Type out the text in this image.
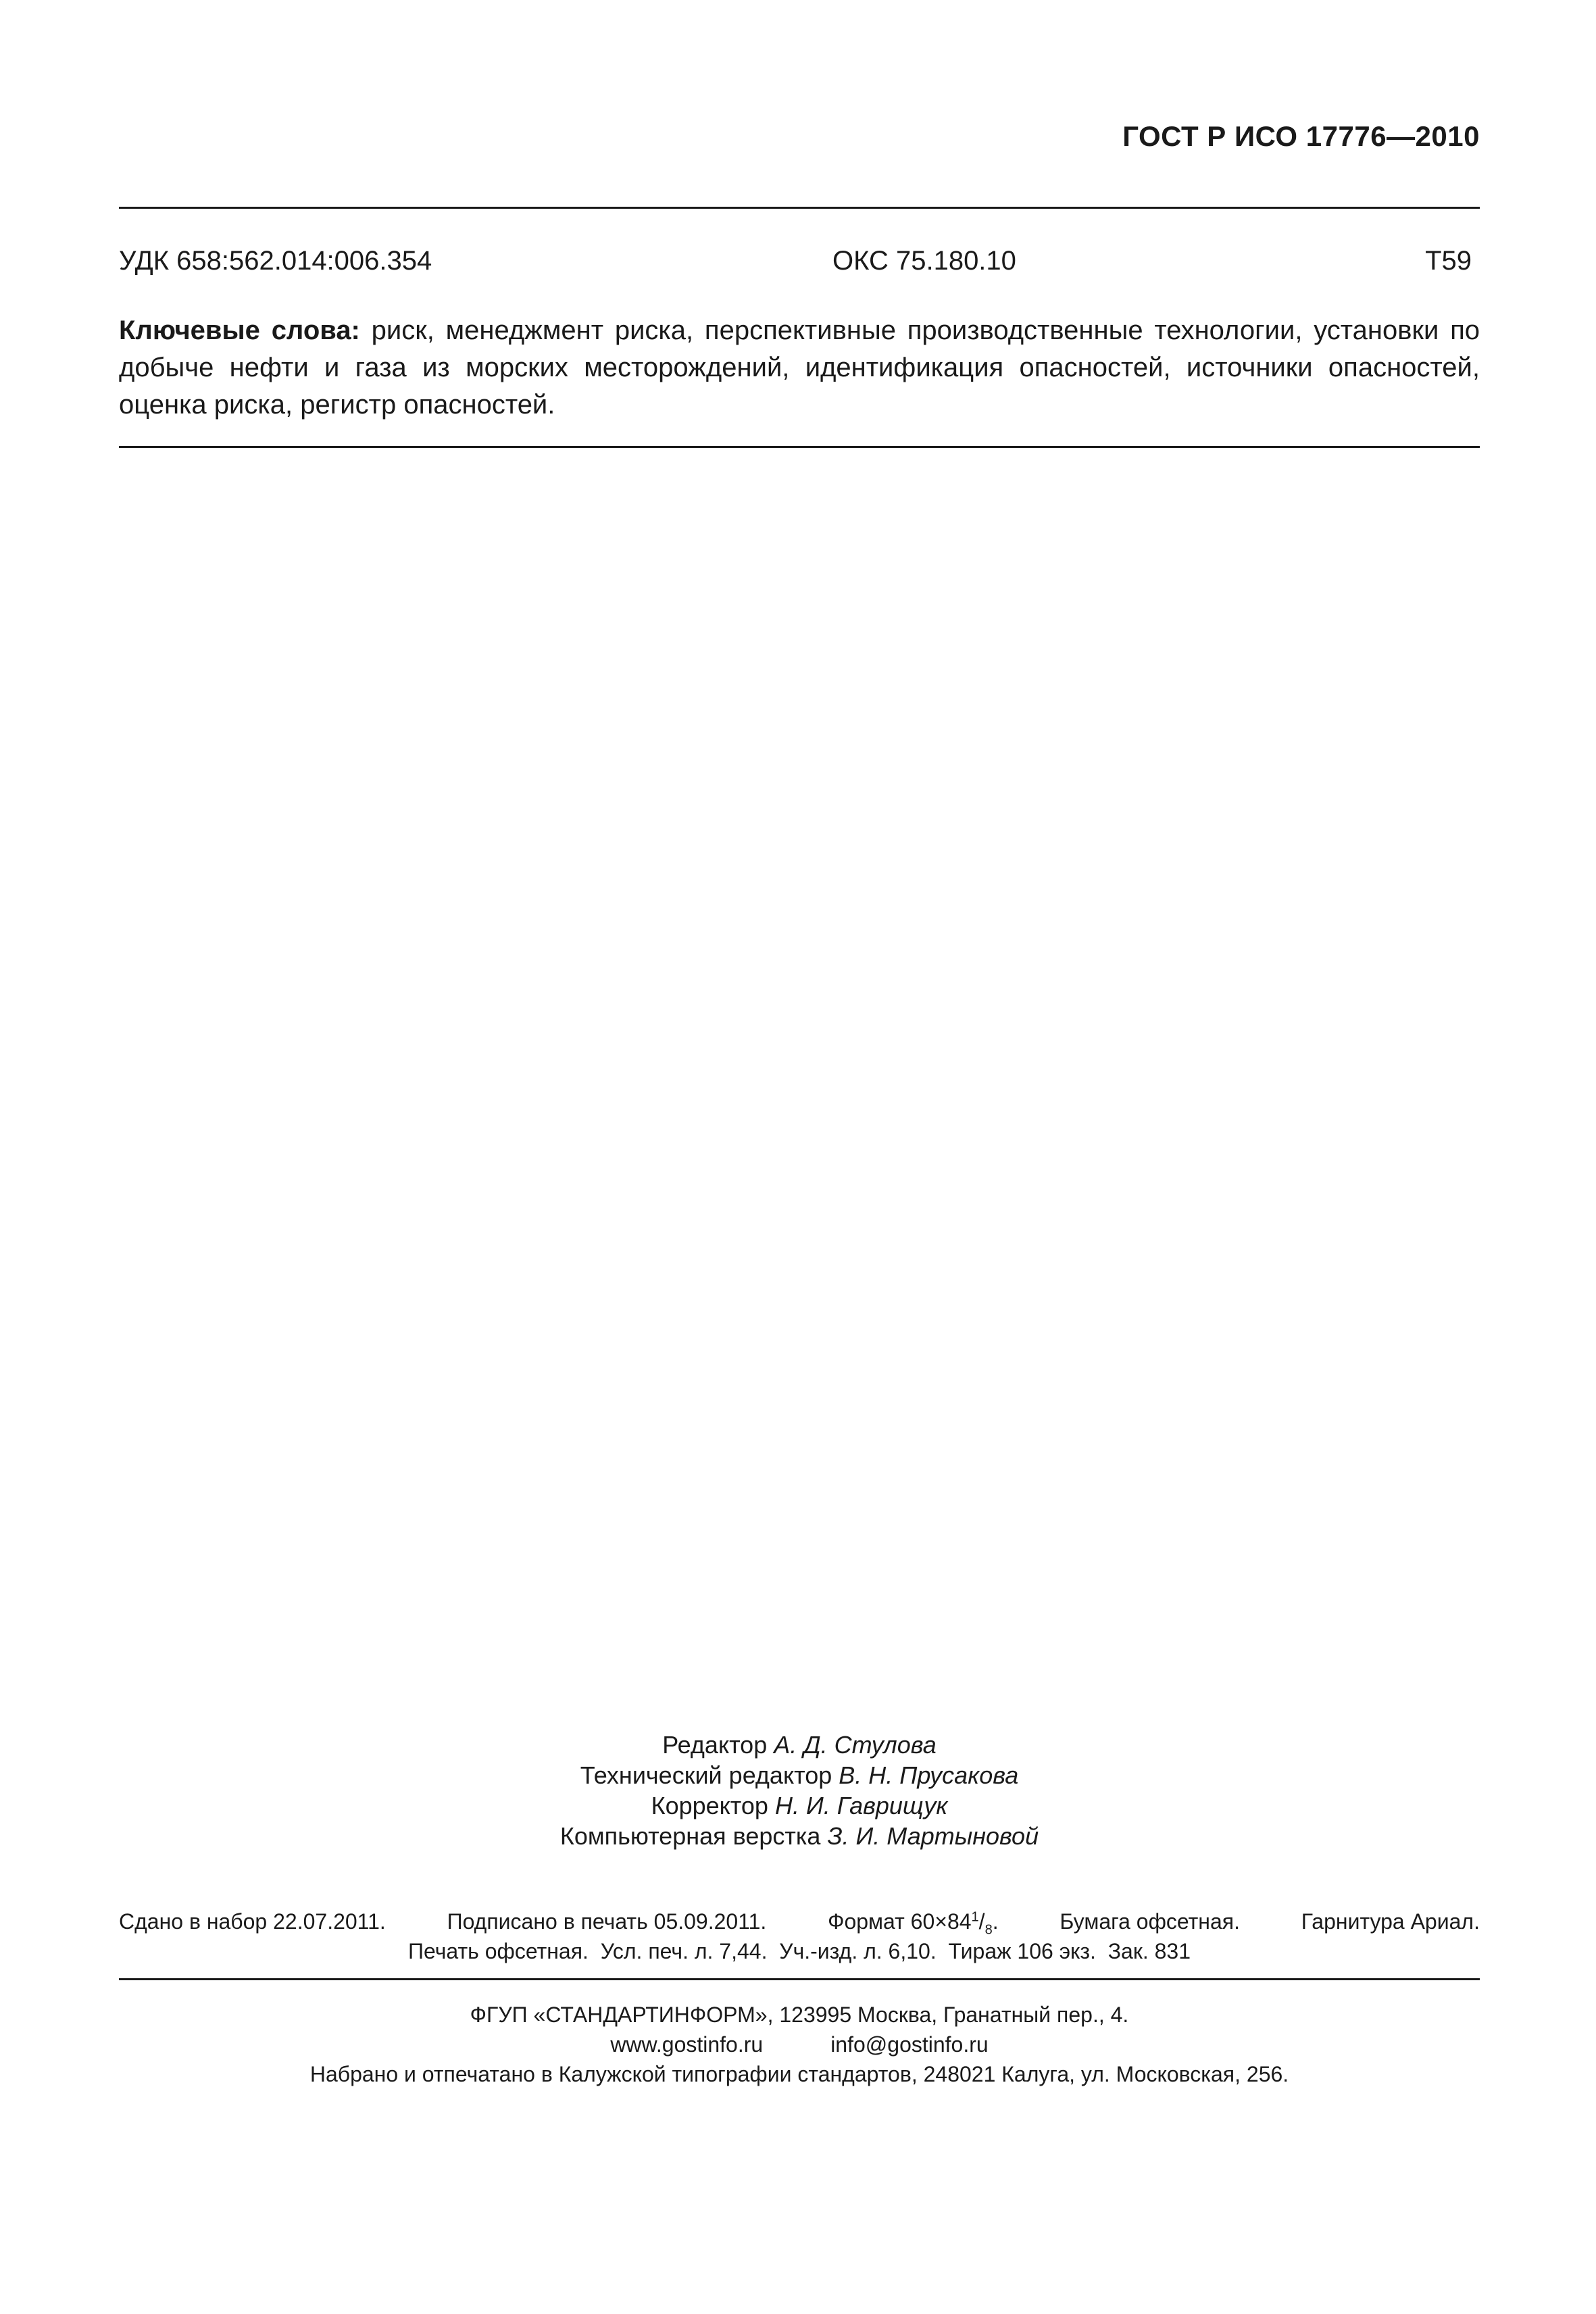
ГОСТ Р ИСО 17776—2010
УДК 658:562.014:006.354	ОКС 75.180.10	Т59
Ключевые слова: риск, менеджмент риска, перспективные производственные технологии, установки по добыче нефти и газа из морских месторождений, идентификация опасностей, источники опасностей, оценка риска, регистр опасностей.
Редактор А. Д. Стулова
Технический редактор В. Н. Прусакова
Корректор Н. И. Гаврищук
Компьютерная верстка З. И. Мартыновой
Сдано в набор 22.07.2011.	Подписано в печать 05.09.2011.	Формат $60\times 84^1/_8$.	Бумага офсетная.	Гарнитура Ариал.
Печать офсетная.  Усл. печ. л. 7,44.  Уч.-изд. л. 6,10.  Тираж 106 экз.  Зак. 831
ФГУП «СТАНДАРТИНФОРМ», 123995 Москва, Гранатный пер., 4.
www.gostinfo.ru	info@gostinfo.ru
Набрано и отпечатано в Калужской типографии стандартов, 248021 Калуга, ул. Московская, 256.
